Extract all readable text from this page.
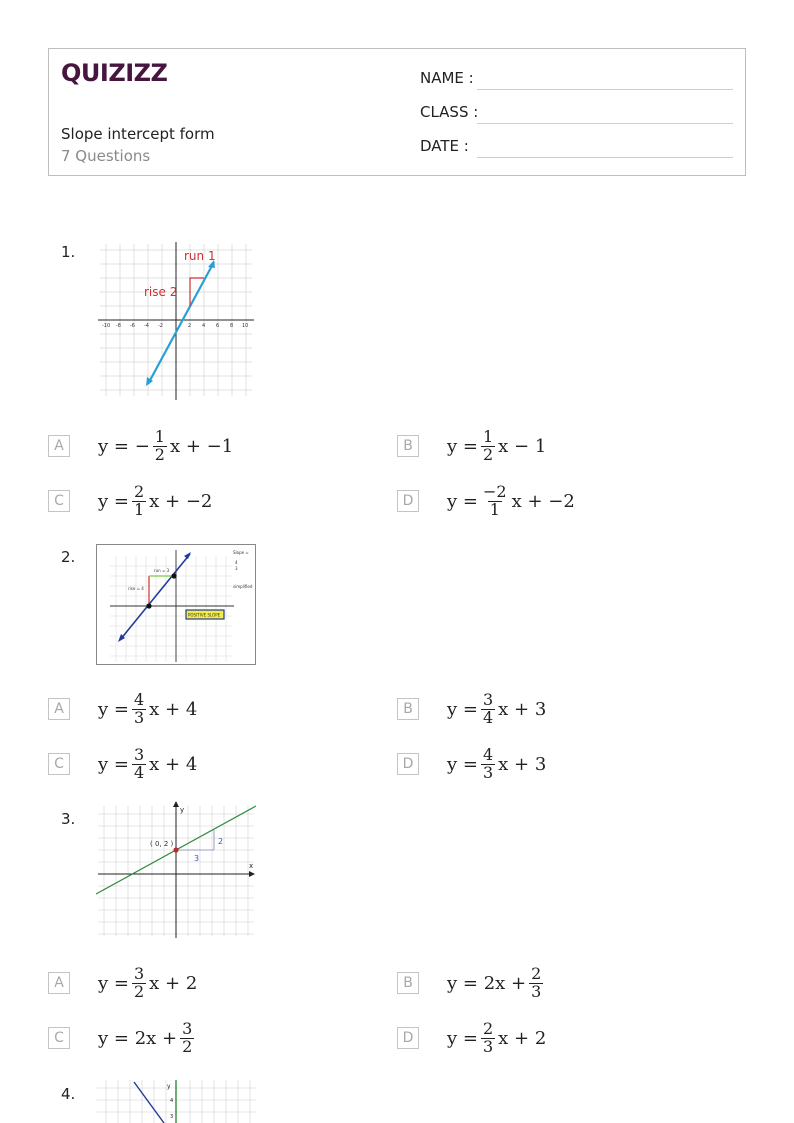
QUIZIZZ
Slope intercept form
7 Questions
NAME :
CLASS :
DATE :
1.
-10 -8 -6 -4 -2	2 4 6 8 10
run 1
rise 2
A	y = − $\frac{1}{2}$ x + −1	B	$y = \frac{1}{2}$ x − 1
C	$y = \frac{2}{1}$ x + −2	D	$y = \frac{-2}{1}$ x + −2
2.
run = 3
rise = 4
POSITIVE SLOPE
Slope =
4
3
simplified
A	$y = \frac{4}{3}$ x + 4	B	$y = \frac{3}{4}$ x + 3
C	$y = \frac{3}{4}$ x + 4	D	$y = \frac{4}{3}$ x + 3
3.
( 0, 2 )
3
2
x
y
A	$y = \frac{3}{2}$ x + 2	B	$y = 2x + \frac{2}{3}$
C	$y = 2x + \frac{3}{2}$	D	$y = \frac{2}{3}$ x + 2
4.	y
4
3
